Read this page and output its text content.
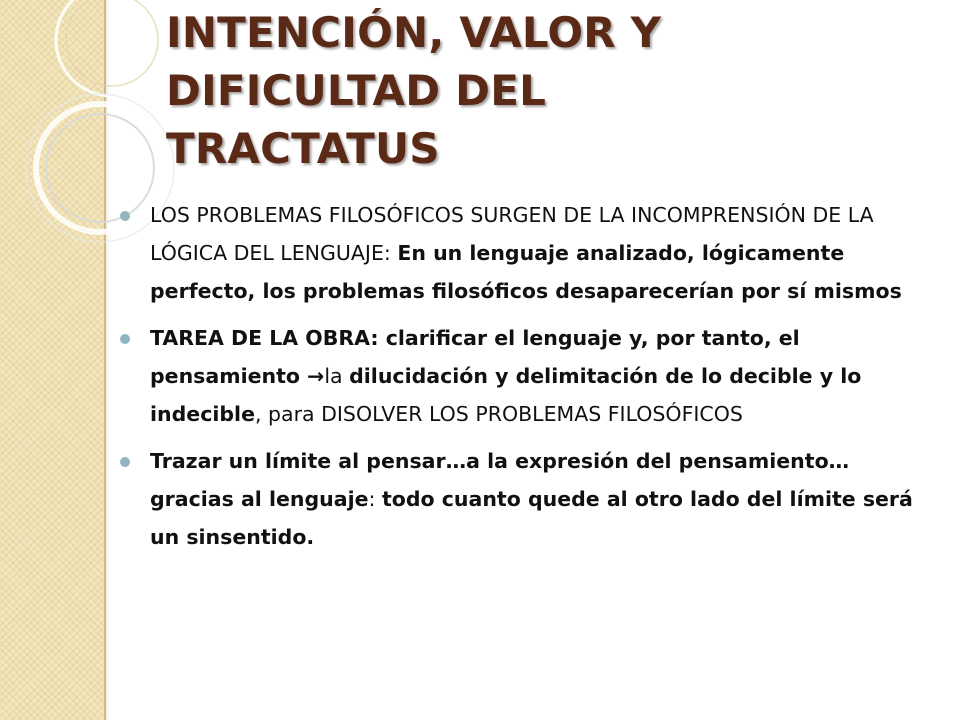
INTENCIÓN, VALOR Y
DIFICULTAD DEL
TRACTATUS
LOS PROBLEMAS FILOSÓFICOS SURGEN DE LA INCOMPRENSIÓN DE LA LÓGICA DEL LENGUAJE: En un lenguaje analizado, lógicamente perfecto, los problemas filosóficos desaparecerían por sí mismos
TAREA DE LA OBRA: clarificar el lenguaje y, por tanto, el pensamiento →la dilucidación y delimitación de lo decible y lo indecible, para DISOLVER LOS PROBLEMAS FILOSÓFICOS
Trazar un límite al pensar…a la expresión del pensamiento… gracias al lenguaje: todo cuanto quede al otro lado del límite será un sinsentido.
